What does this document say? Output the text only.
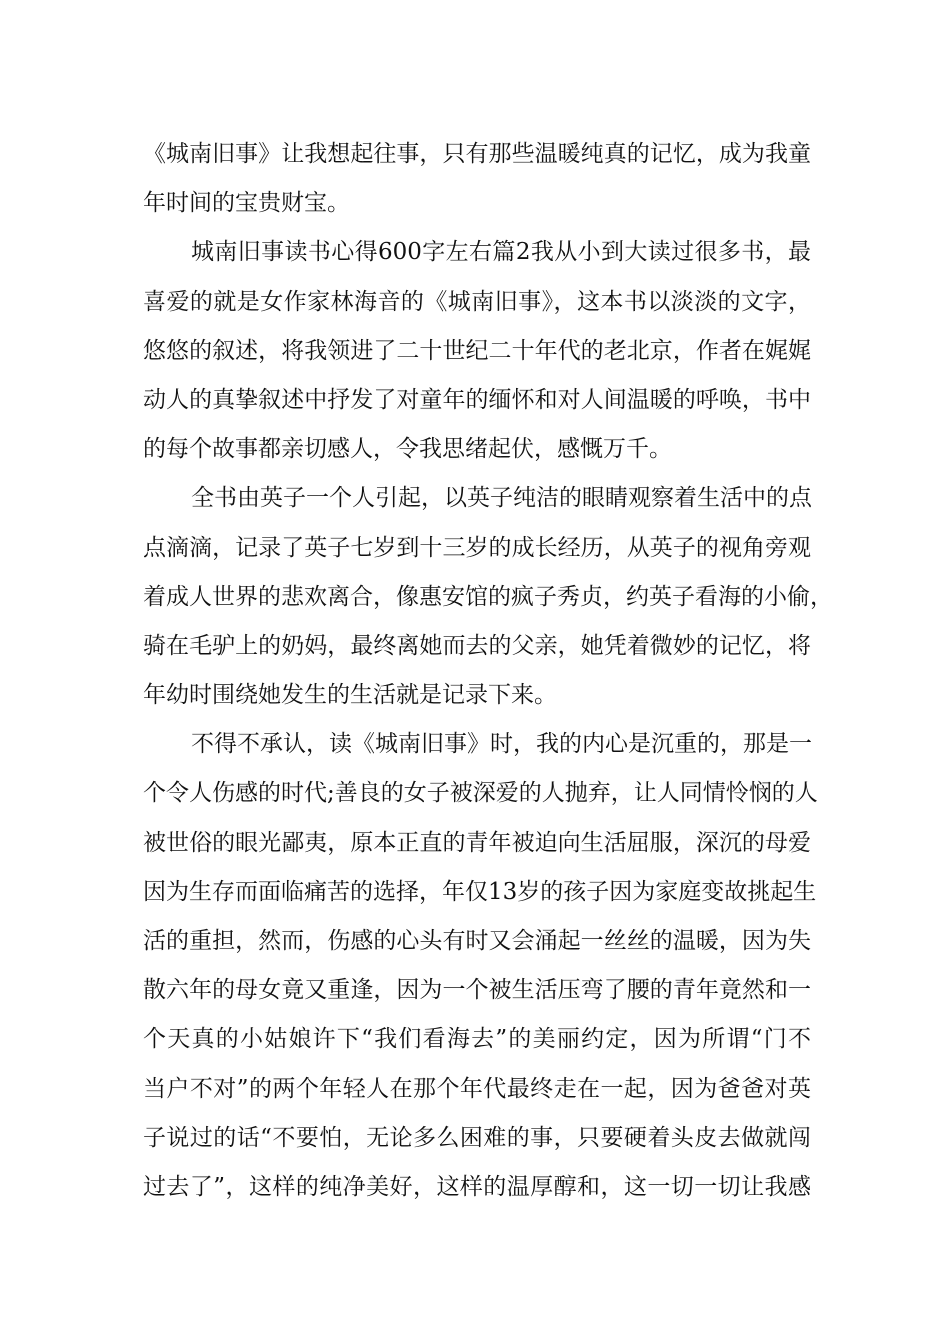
《城南旧事》让我想起往事，只有那些温暖纯真的记忆，成为我童
年时间的宝贵财宝。
城南旧事读书心得600字左右篇2我从小到大读过很多书，最
喜爱的就是女作家林海音的《城南旧事》，这本书以淡淡的文字，
悠悠的叙述，将我领进了二十世纪二十年代的老北京，作者在娓娓
动人的真挚叙述中抒发了对童年的缅怀和对人间温暖的呼唤，书中
的每个故事都亲切感人，令我思绪起伏，感慨万千。
全书由英子一个人引起，以英子纯洁的眼睛观察着生活中的点
点滴滴，记录了英子七岁到十三岁的成长经历，从英子的视角旁观
着成人世界的悲欢离合，像惠安馆的疯子秀贞，约英子看海的小偷，
骑在毛驴上的奶妈，最终离她而去的父亲，她凭着微妙的记忆，将
年幼时围绕她发生的生活就是记录下来。
不得不承认，读《城南旧事》时，我的内心是沉重的，那是一
个令人伤感的时代;善良的女子被深爱的人抛弃，让人同情怜悯的人
被世俗的眼光鄙夷，原本正直的青年被迫向生活屈服，深沉的母爱
因为生存而面临痛苦的选择，年仅13岁的孩子因为家庭变故挑起生
活的重担，然而，伤感的心头有时又会涌起一丝丝的温暖，因为失
散六年的母女竟又重逢，因为一个被生活压弯了腰的青年竟然和一
个天真的小姑娘许下“我们看海去”的美丽约定，因为所谓“门不
当户不对”的两个年轻人在那个年代最终走在一起，因为爸爸对英
子说过的话“不要怕，无论多么困难的事，只要硬着头皮去做就闯
过去了”，这样的纯净美好，这样的温厚醇和，这一切一切让我感
